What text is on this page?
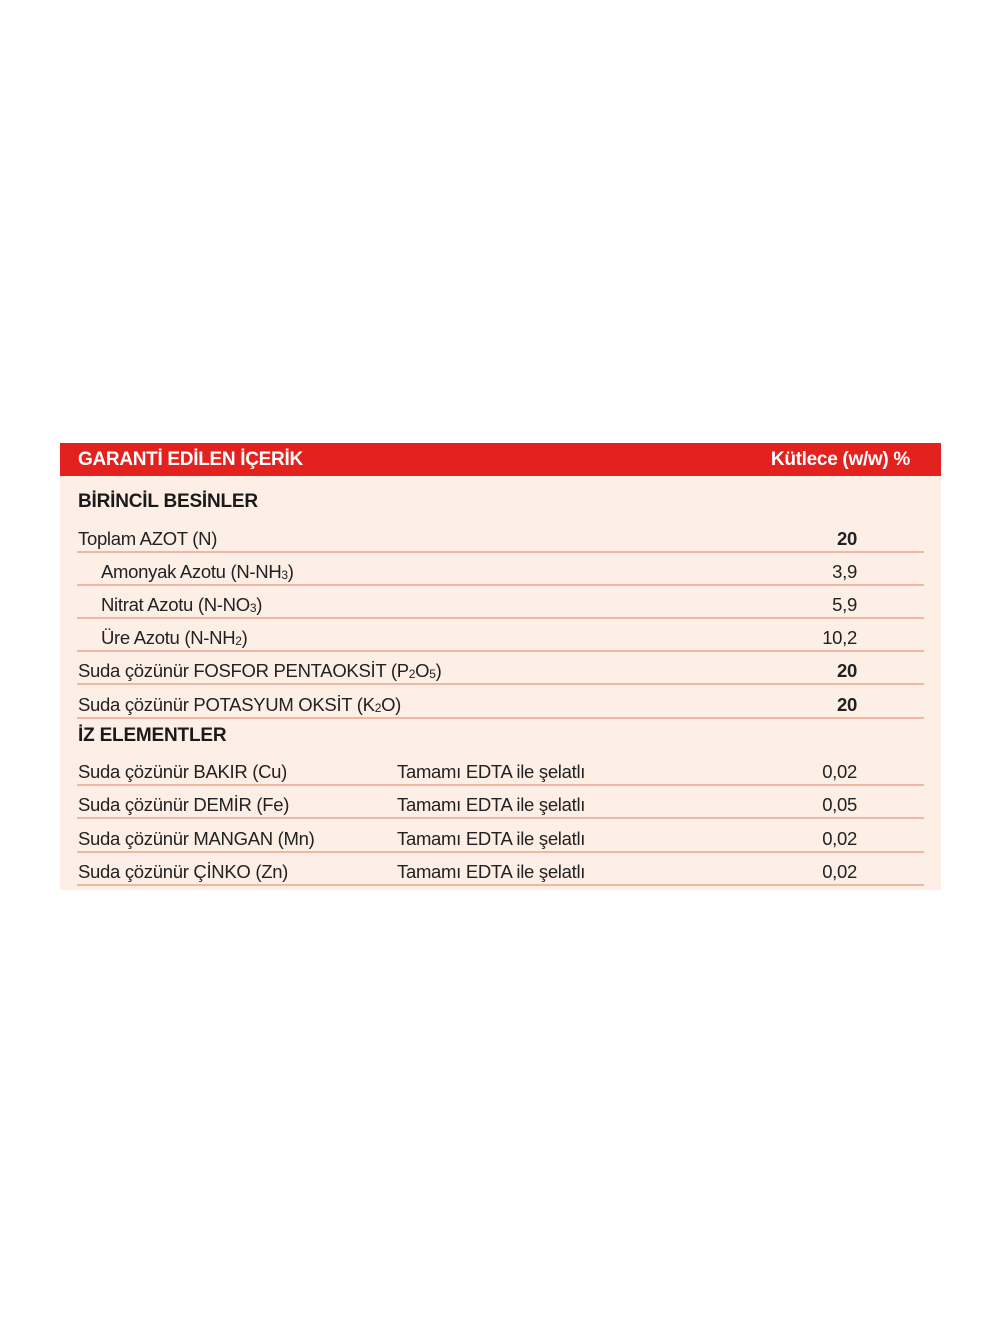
GARANTİ EDİLEN İÇERİK	Kütlece (w/w) %
BİRİNCİL BESİNLER
Toplam AZOT (N)	20
Amonyak Azotu $(N-NH_3)$	3,9
Nitrat Azotu $(N-NO_3)$	5,9
Üre Azotu $(N-NH_2)$	10,2
Suda çözünür FOSFOR PENTAOKSİT $(P_2O_5)$	20
Suda çözünür POTASYUM OKSİT $(K_2O)$	20
İZ ELEMENTLER
Suda çözünür BAKIR (Cu)	Tamamı EDTA ile şelatlı	0,02
Suda çözünür DEMİR (Fe)	Tamamı EDTA ile şelatlı	0,05
Suda çözünür MANGAN (Mn)	Tamamı EDTA ile şelatlı	0,02
Suda çözünür ÇİNKO (Zn)	Tamamı EDTA ile şelatlı	0,02
